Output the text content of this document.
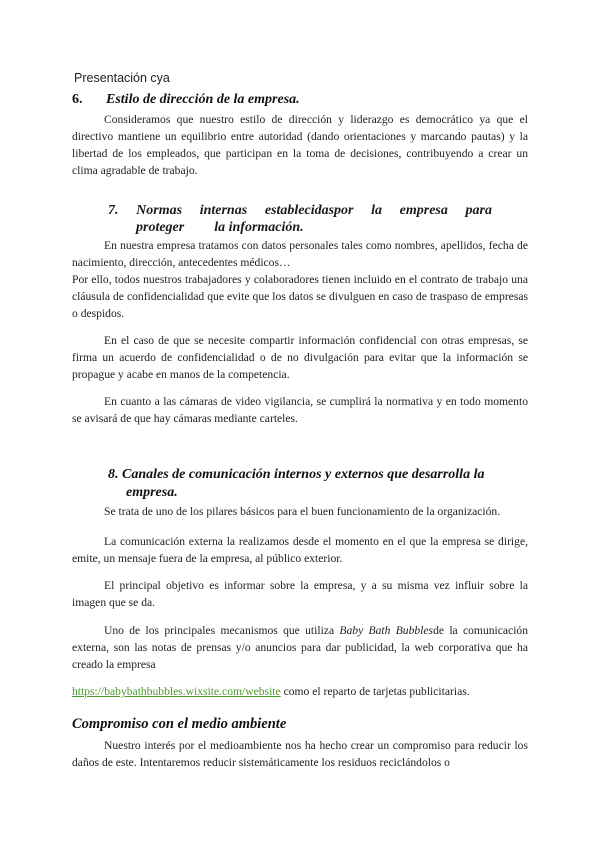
Presentación cya
6. Estilo de dirección de la empresa.
Consideramos que nuestro estilo de dirección y liderazgo es democrático ya que el directivo mantiene un equilibrio entre autoridad (dando orientaciones y marcando pautas) y la libertad de los empleados, que participan en la toma de decisiones, contribuyendo a crear un clima agradable de trabajo.
7. Normas internas establecidaspor la empresa para
proteger la información.
En nuestra empresa tratamos con datos personales tales como nombres, apellidos, fecha de nacimiento, dirección, antecedentes médicos…
Por ello, todos nuestros trabajadores y colaboradores tienen incluido en el contrato de trabajo una cláusula de confidencialidad que evite que los datos se divulguen en caso de traspaso de empresas o despidos.
En el caso de que se necesite compartir información confidencial con otras empresas, se firma un acuerdo de confidencialidad o de no divulgación para evitar que la información se propague y acabe en manos de la competencia.
En cuanto a las cámaras de video vigilancia, se cumplirá la normativa y en todo momento se avisará de que hay cámaras mediante carteles.
8. Canales de comunicación internos y externos que desarrolla la
empresa.
Se trata de uno de los pilares básicos para el buen funcionamiento de la organización.
La comunicación externa la realizamos desde el momento en el que la empresa se dirige, emite, un mensaje fuera de la empresa, al público exterior.
El principal objetivo es informar sobre la empresa, y a su misma vez influir sobre la imagen que se da.
Uno de los principales mecanismos que utiliza Baby Bath Bubblesde la comunicación externa, son las notas de prensas y/o anuncios para dar publicidad, la web corporativa que ha creado la empresa
https://babybathbubbles.wixsite.com/website como el reparto de tarjetas publicitarias.
Compromiso con el medio ambiente
Nuestro interés por el medioambiente nos ha hecho crear un compromiso para reducir los daños de este. Intentaremos reducir sistemáticamente los residuos reciclándolos o
